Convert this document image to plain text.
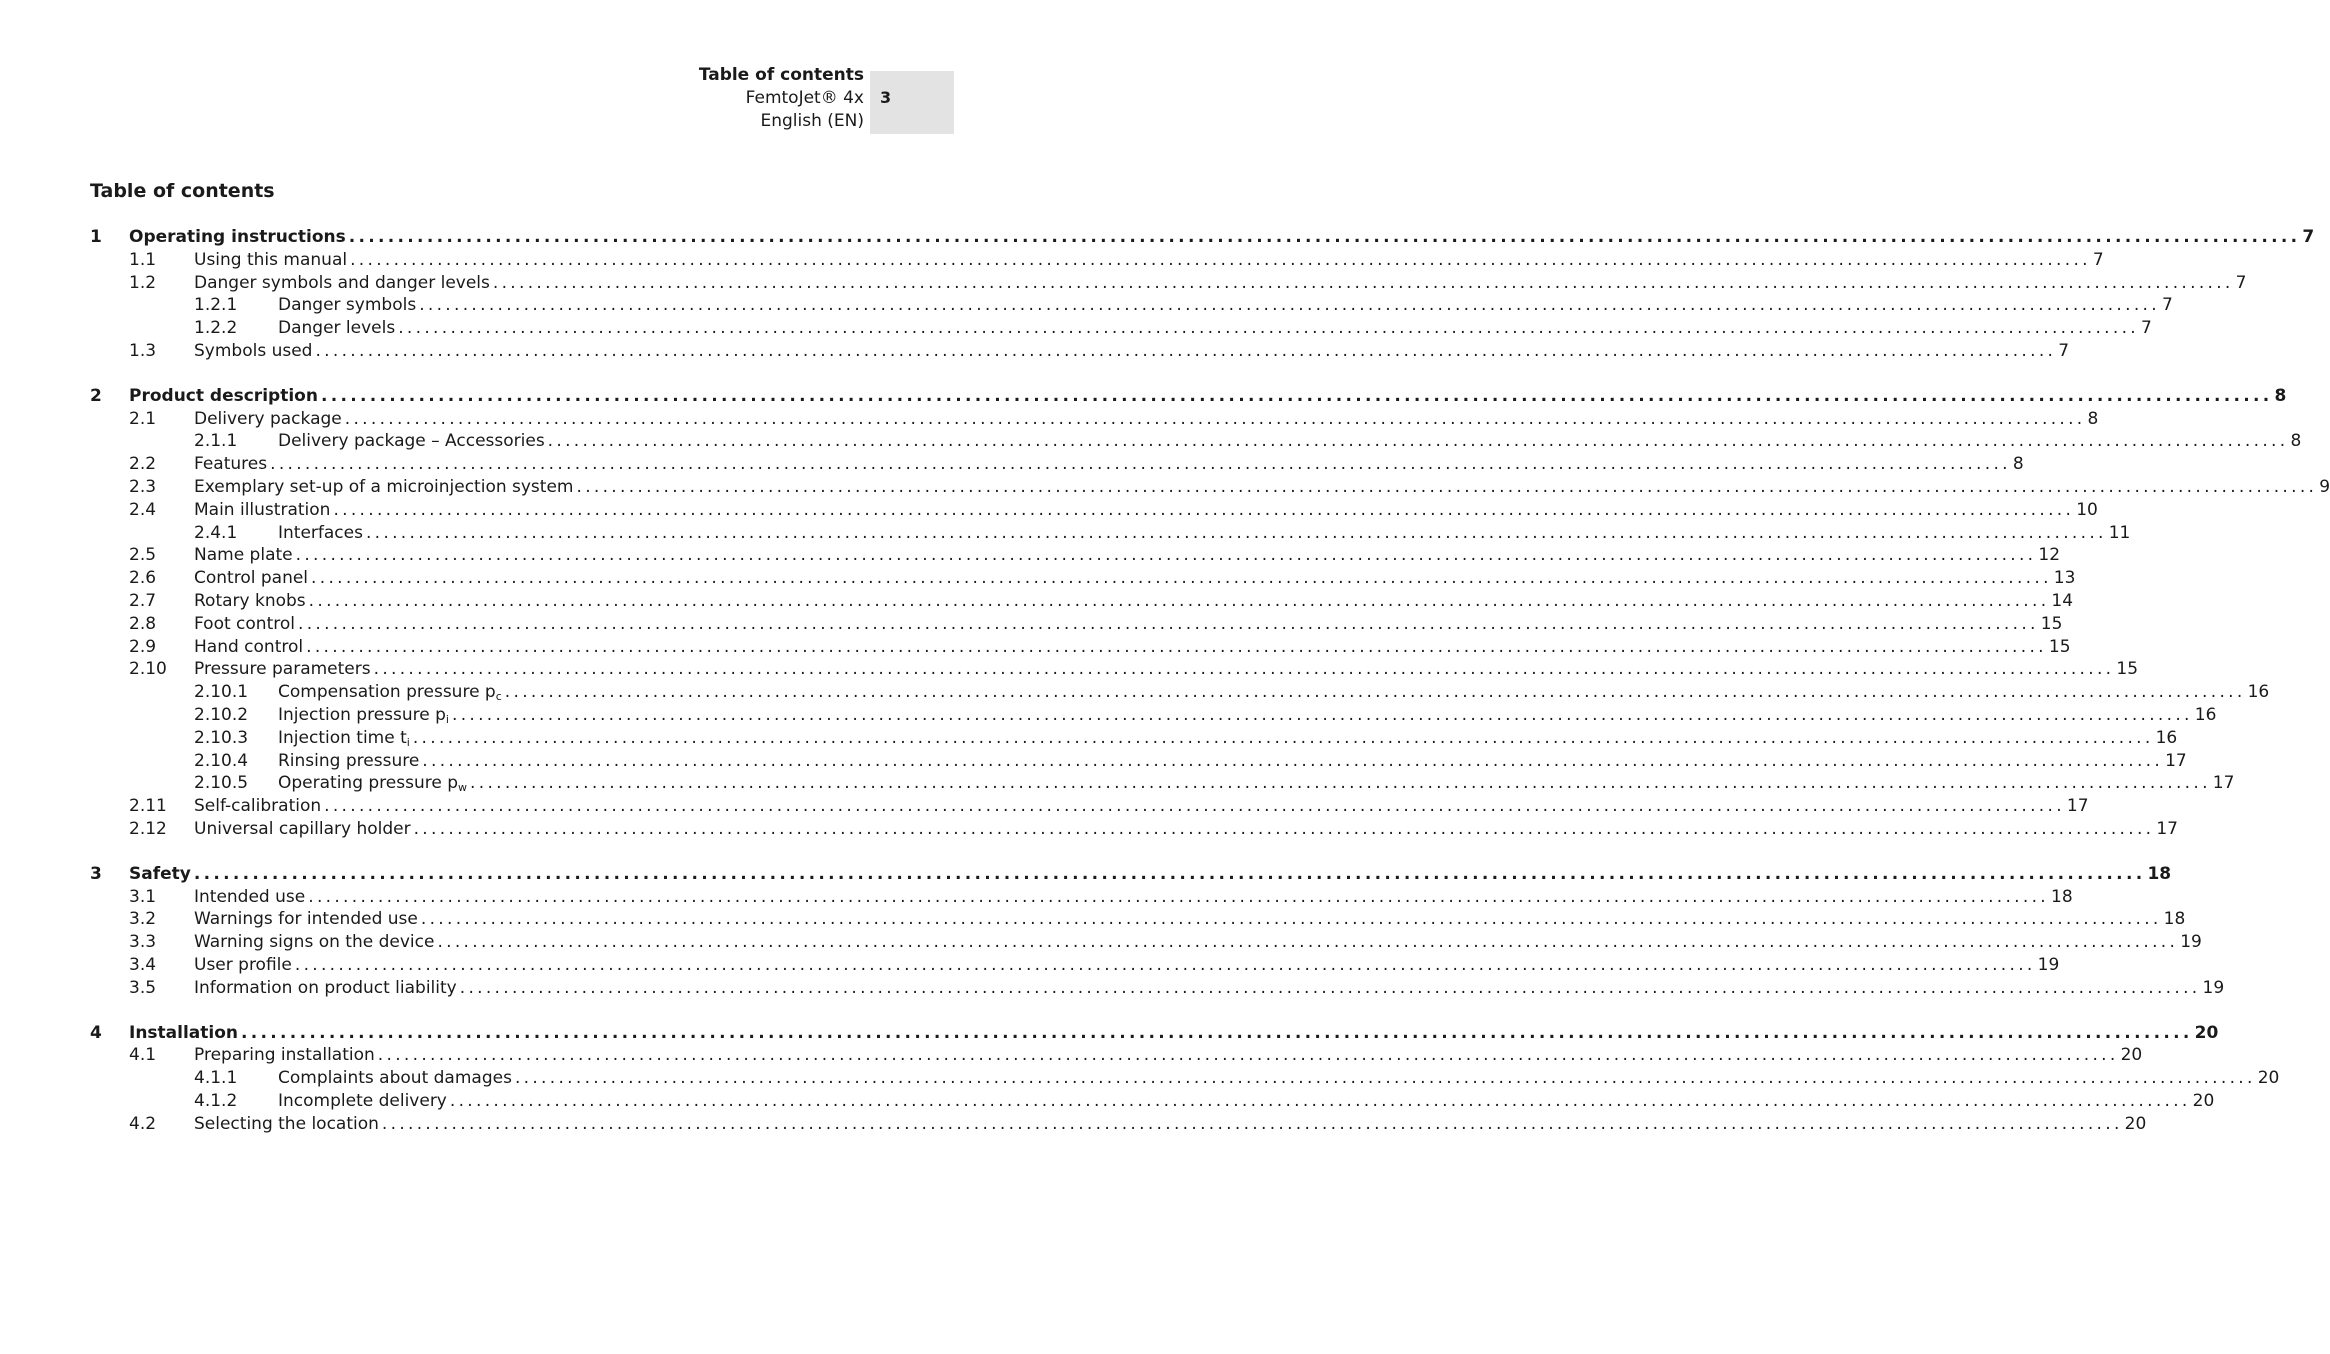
Table of contents
FemtoJet® 4x
English (EN)
3
Table of contents
1 Operating instructions ........................................................................................................................................................................................................ 7
1.1 Using this manual ........................................................................................................................................................................................................ 7
1.2 Danger symbols and danger levels ........................................................................................................................................................................................................ 7
1.2.1 Danger symbols ........................................................................................................................................................................................................ 7
1.2.2 Danger levels ........................................................................................................................................................................................................ 7
1.3 Symbols used ........................................................................................................................................................................................................ 7
2 Product description ........................................................................................................................................................................................................ 8
2.1 Delivery package ........................................................................................................................................................................................................ 8
2.1.1 Delivery package – Accessories ........................................................................................................................................................................................................ 8
2.2 Features ........................................................................................................................................................................................................ 8
2.3 Exemplary set-up of a microinjection system ........................................................................................................................................................................................................ 9
2.4 Main illustration ........................................................................................................................................................................................................ 10
2.4.1 Interfaces ........................................................................................................................................................................................................ 11
2.5 Name plate ........................................................................................................................................................................................................ 12
2.6 Control panel ........................................................................................................................................................................................................ 13
2.7 Rotary knobs ........................................................................................................................................................................................................ 14
2.8 Foot control ........................................................................................................................................................................................................ 15
2.9 Hand control ........................................................................................................................................................................................................ 15
2.10 Pressure parameters ........................................................................................................................................................................................................ 15
2.10.1 Compensation pressure $p_c$ ........................................................................................................................................................................................................ 16
2.10.2 Injection pressure $p_i$ ........................................................................................................................................................................................................ 16
2.10.3 Injection time $t_i$ ........................................................................................................................................................................................................ 16
2.10.4 Rinsing pressure ........................................................................................................................................................................................................ 17
2.10.5 Operating pressure $p_w$ ........................................................................................................................................................................................................ 17
2.11 Self-calibration ........................................................................................................................................................................................................ 17
2.12 Universal capillary holder ........................................................................................................................................................................................................ 17
3 Safety ........................................................................................................................................................................................................ 18
3.1 Intended use ........................................................................................................................................................................................................ 18
3.2 Warnings for intended use ........................................................................................................................................................................................................ 18
3.3 Warning signs on the device ........................................................................................................................................................................................................ 19
3.4 User profile ........................................................................................................................................................................................................ 19
3.5 Information on product liability ........................................................................................................................................................................................................ 19
4 Installation ........................................................................................................................................................................................................ 20
4.1 Preparing installation ........................................................................................................................................................................................................ 20
4.1.1 Complaints about damages ........................................................................................................................................................................................................ 20
4.1.2 Incomplete delivery ........................................................................................................................................................................................................ 20
4.2 Selecting the location ........................................................................................................................................................................................................ 20
